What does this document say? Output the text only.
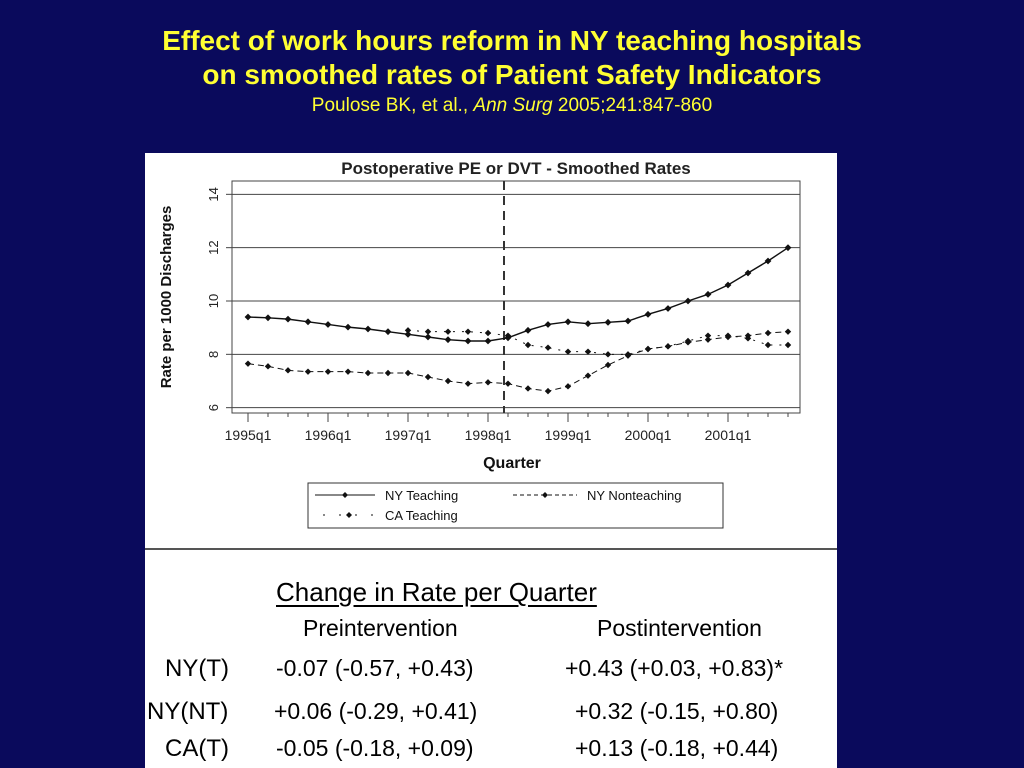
Effect of work hours reform in NY teaching hospitals
on smoothed rates of Patient Safety Indicators
Poulose BK, et al., Ann Surg 2005;241:847-860
Postoperative PE or DVT - Smoothed Rates
6
8
10
12
14
Rate per 1000 Discharges
1995q1 1996q1 1997q1 1998q1 1999q1 2000q1 2001q1
Quarter
NY Teaching	NY Nonteaching
CA Teaching
Change in Rate per Quarter
Preintervention	Postintervention
NY(T) -0.07 (-0.57, +0.43)	+0.43 (+0.03, +0.83)*
NY(NT) +0.06 (-0.29, +0.41)	+0.32 (-0.15, +0.80)
CA(T) -0.05 (-0.18, +0.09)	+0.13 (-0.18, +0.44)
